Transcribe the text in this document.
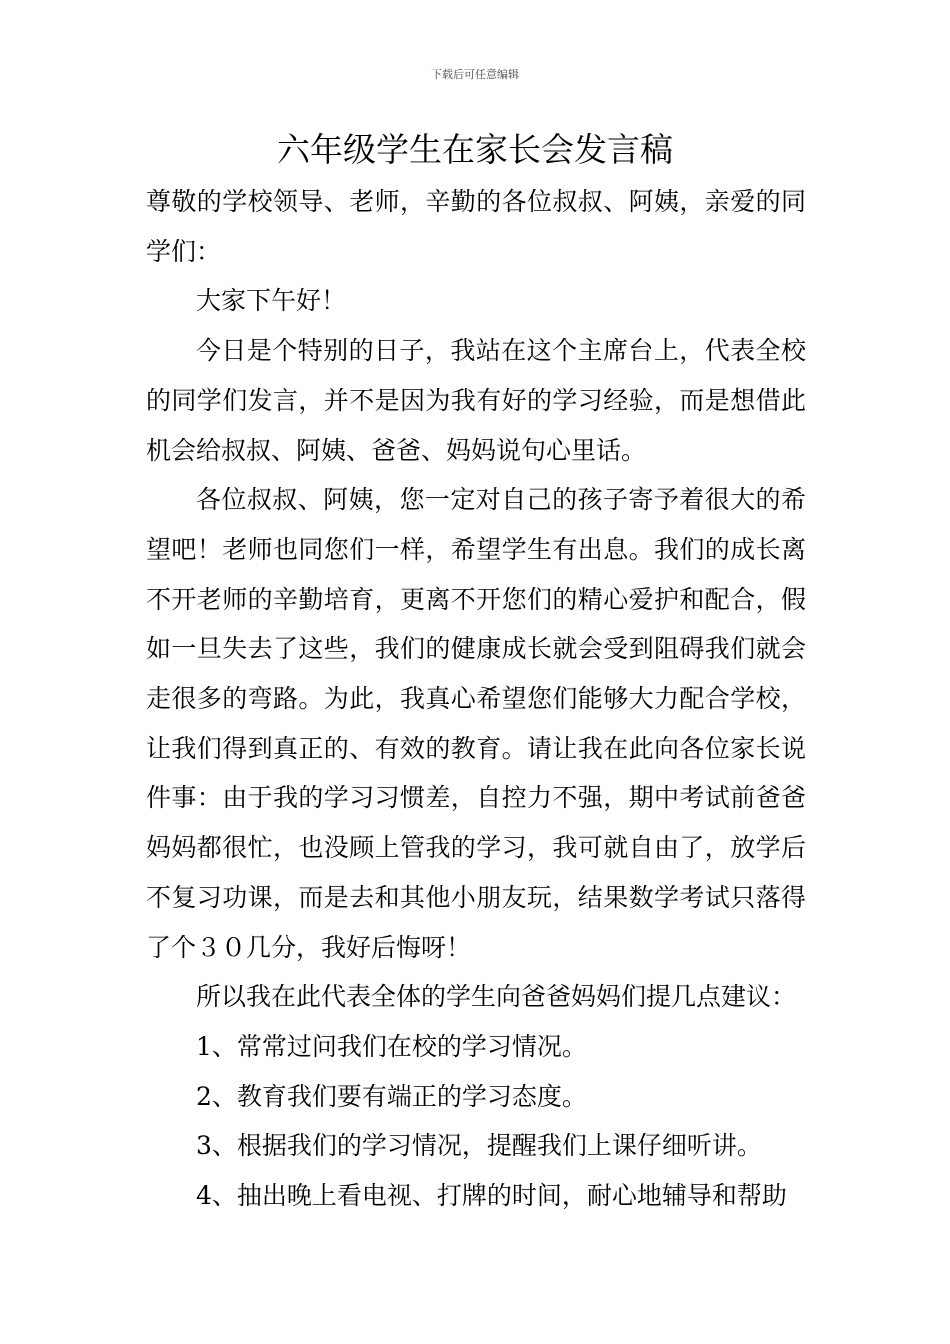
下载后可任意编辑
六年级学生在家长会发言稿

尊敬的学校领导、老师，辛勤的各位叔叔、阿姨，亲爱的同学们：

大家下午好！

今日是个特别的日子，我站在这个主席台上，代表全校的同学们发言，并不是因为我有好的学习经验，而是想借此机会给叔叔、阿姨、爸爸、妈妈说句心里话。

各位叔叔、阿姨，您一定对自己的孩子寄予着很大的希望吧！老师也同您们一样，希望学生有出息。我们的成长离不开老师的辛勤培育，更离不开您们的精心爱护和配合，假如一旦失去了这些，我们的健康成长就会受到阻碍我们就会走很多的弯路。为此，我真心希望您们能够大力配合学校，让我们得到真正的、有效的教育。请让我在此向各位家长说件事：由于我的学习习惯差，自控力不强，期中考试前爸爸妈妈都很忙，也没顾上管我的学习，我可就自由了，放学后不复习功课，而是去和其他小朋友玩，结果数学考试只落得了个３０几分，我好后悔呀！

所以我在此代表全体的学生向爸爸妈妈们提几点建议：

1、常常过问我们在校的学习情况。

2、教育我们要有端正的学习态度。

3、根据我们的学习情况，提醒我们上课仔细听讲。

4、抽出晚上看电视、打牌的时间，耐心地辅导和帮助
